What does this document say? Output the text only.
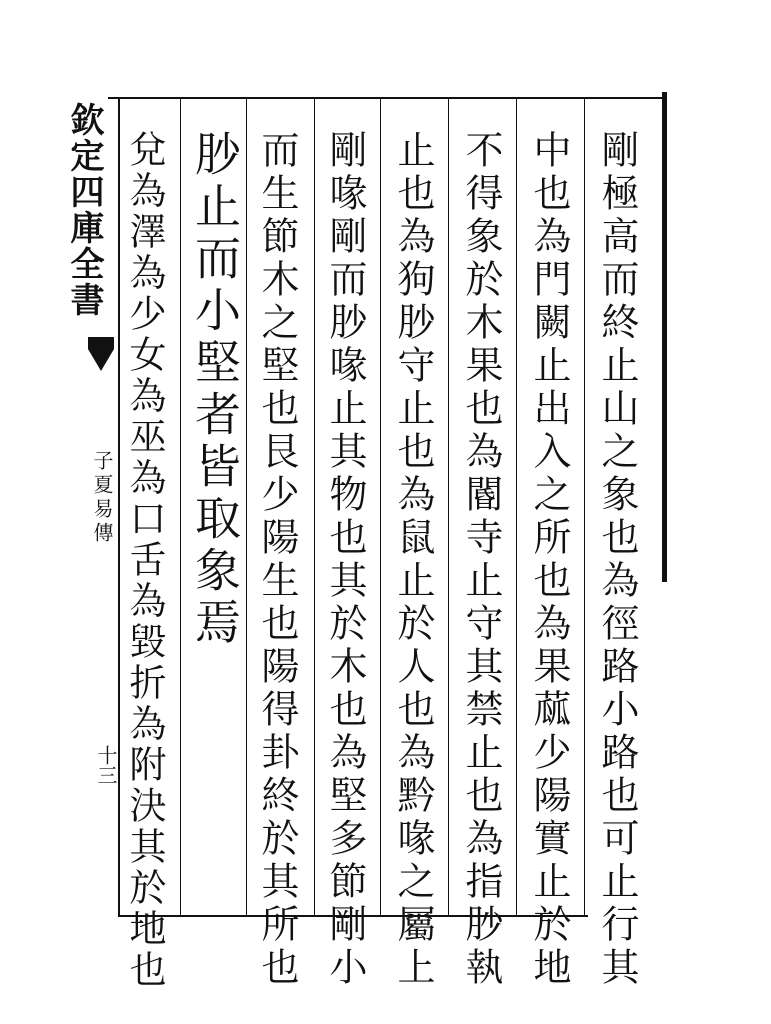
欽定四庫全書
子夏易傳
十三	剛極高而終止山之象也為徑路小路也可止行其
中也為門闕止出入之所也為果蓏少陽實止於地
不得象於木果也為閽寺止守其禁止也為指䏚執
止也為狗䏚守止也為鼠止於人也為黔喙之屬上
剛喙剛而䏚喙止其物也其於木也為堅多節剛小
而生節木之堅也艮少陽生也陽得卦終於其所也
䏚止而小堅者皆取象焉
兌為澤為少女為巫為口舌為毀折為附決其於地也
